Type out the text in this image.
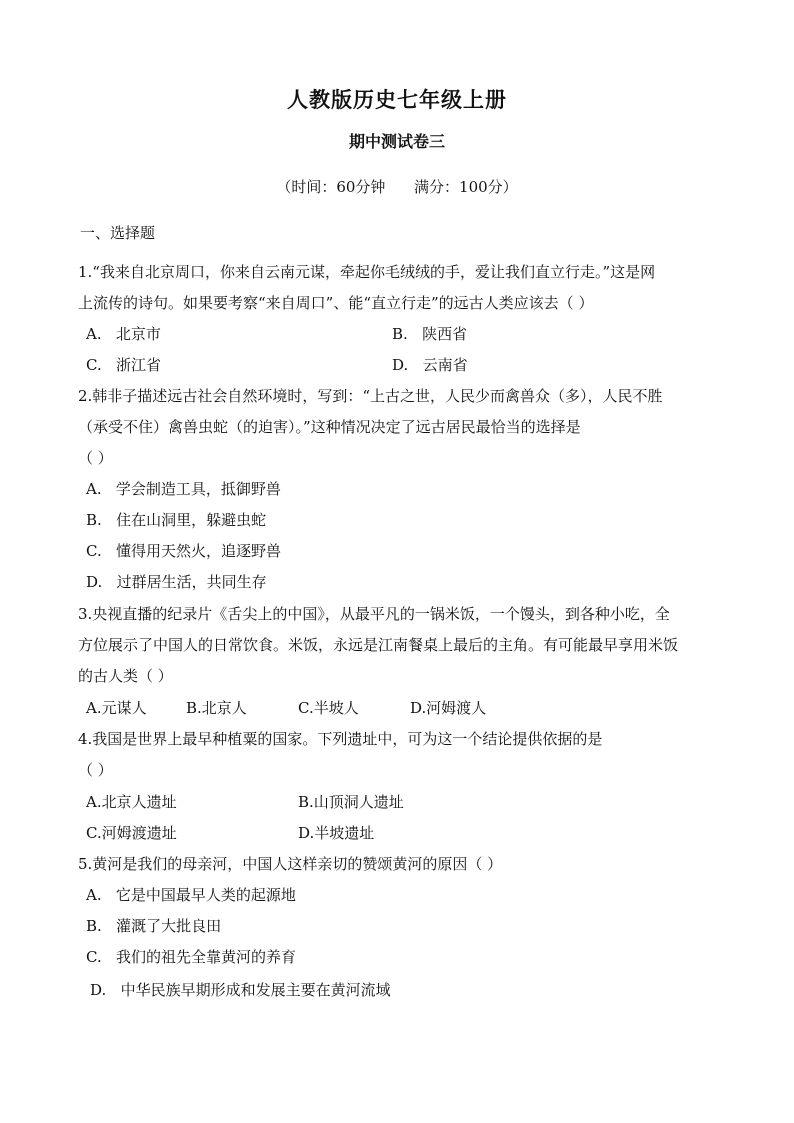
人教版历史七年级上册
期中测试卷三
（时间：60分钟      满分：100分）
一、选择题
1.“我来自北京周口，你来自云南元谋，牵起你毛绒绒的手，爱让我们直立行走。”这是网
上流传的诗句。如果要考察“来自周口”、能“直立行走”的远古人类应该去（ ）
A.   北京市	B.   陕西省
C.   浙江省	D.   云南省
2.韩非子描述远古社会自然环境时，写到：“上古之世，人民少而禽兽众（多），人民不胜
（承受不住）禽兽虫蛇（的迫害）。”这种情况决定了远古居民最恰当的选择是
（ ）
A.   学会制造工具，抵御野兽
B.   住在山洞里，躲避虫蛇
C.   懂得用天然火，追逐野兽
D.   过群居生活，共同生存
3.央视直播的纪录片《舌尖上的中国》，从最平凡的一锅米饭，一个馒头，到各种小吃，全
方位展示了中国人的日常饮食。米饭，永远是江南餐桌上最后的主角。有可能最早享用米饭
的古人类（ ）
A.元谋人	B.北京人	C.半坡人	D.河姆渡人
4.我国是世界上最早种植粟的国家。下列遗址中，可为这一个结论提供依据的是
（ ）
A.北京人遗址	B.山顶洞人遗址
C.河姆渡遗址	D.半坡遗址
5.黄河是我们的母亲河，中国人这样亲切的赞颂黄河的原因（ ）
A.   它是中国最早人类的起源地
B.   灌溉了大批良田
C.   我们的祖先全靠黄河的养育
D.   中华民族早期形成和发展主要在黄河流域
